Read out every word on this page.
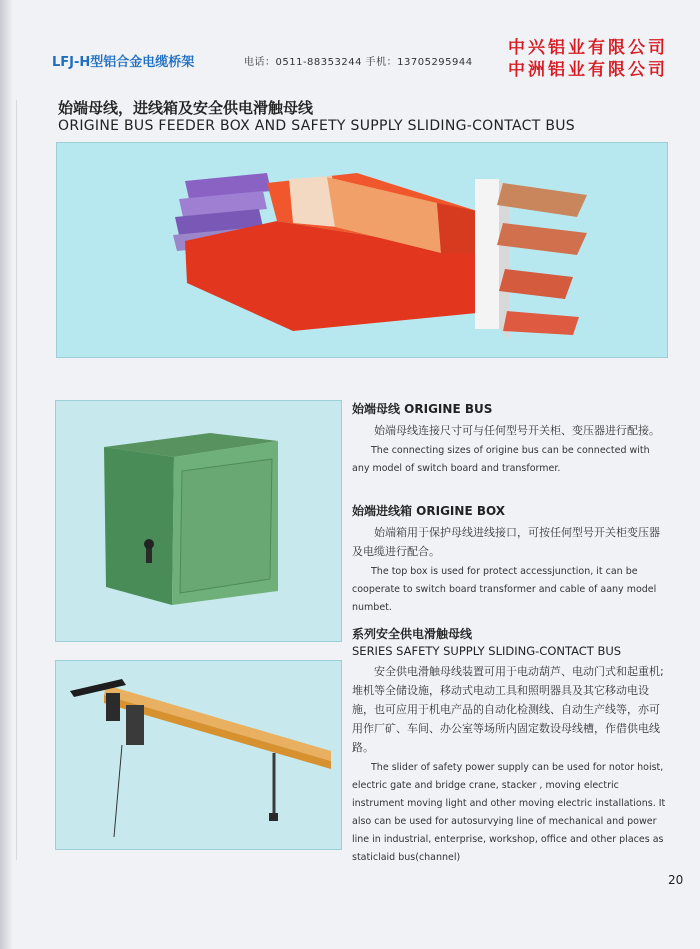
LFJ-H型铝合金电缆桥架	电话：0511-88353244 手机：13705295944
中兴铝业有限公司
中洲铝业有限公司
始端母线，进线箱及安全供电滑触母线
ORIGINE BUS FEEDER BOX AND SAFETY SUPPLY SLIDING-CONTACT BUS
始端母线 ORIGINE BUS
始端母线连接尺寸可与任何型号开关柜、变压器进行配接。
The connecting sizes of origine bus can be connected with any model of switch board and transformer.
始端进线箱 ORIGINE BOX
始端箱用于保护母线进线接口，可按任何型号开关柜变压器及电缆进行配合。
The top box is used for protect accessjunction, it can be cooperate to switch board transformer and cable of aany model numbet.
系列安全供电滑触母线
SERIES SAFETY SUPPLY SLIDING-CONTACT BUS
安全供电滑触母线装置可用于电动葫芦、电动门式和起重机;堆机等全储设施，移动式电动工具和照明器具及其它移动电设施，也可应用于机电产品的自动化检测线、自动生产线等，亦可用作厂矿、车间、办公室等场所内固定数设母线槽，作借供电线路。
The slider of safety power supply can be used for notor hoist, electric gate and bridge crane, stacker , moving electric instrument moving light and other moving electric installations. It also can be used for autosurvying line of mechanical and power line in industrial, enterprise, workshop, office and other places as staticlaid bus(channel)
20
